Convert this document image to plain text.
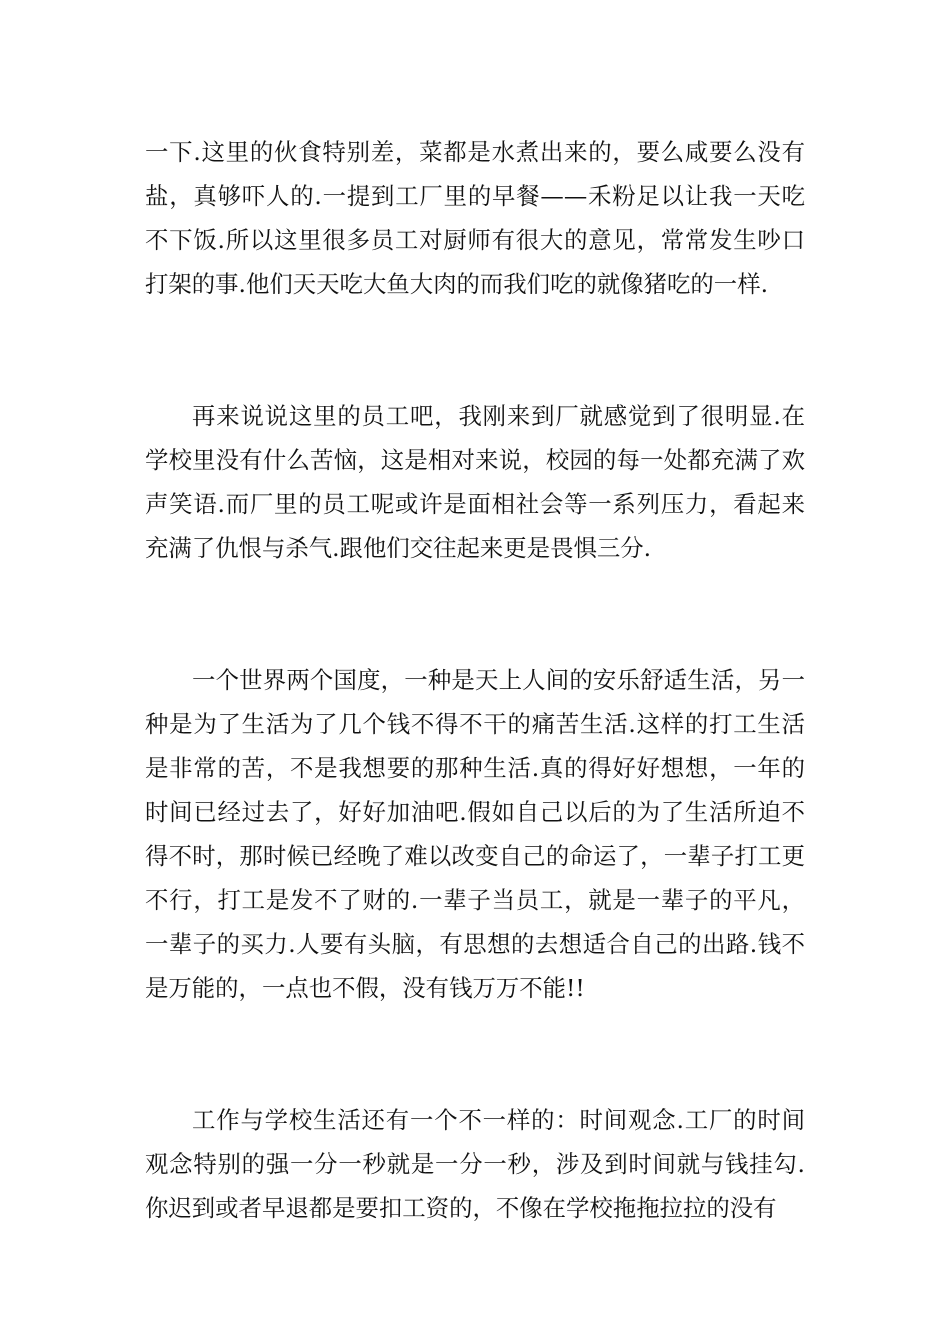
一下.这里的伙食特别差，菜都是水煮出来的，要么咸要么没有盐，真够吓人的.一提到工厂里的早餐——禾粉足以让我一天吃不下饭.所以这里很多员工对厨师有很大的意见，常常发生吵口打架的事.他们天天吃大鱼大肉的而我们吃的就像猪吃的一样.

再来说说这里的员工吧，我刚来到厂就感觉到了很明显.在学校里没有什么苦恼，这是相对来说，校园的每一处都充满了欢声笑语.而厂里的员工呢或许是面相社会等一系列压力，看起来充满了仇恨与杀气.跟他们交往起来更是畏惧三分.

一个世界两个国度，一种是天上人间的安乐舒适生活，另一种是为了生活为了几个钱不得不干的痛苦生活.这样的打工生活是非常的苦，不是我想要的那种生活.真的得好好想想，一年的时间已经过去了，好好加油吧.假如自己以后的为了生活所迫不得不时，那时候已经晚了难以改变自己的命运了，一辈子打工更不行，打工是发不了财的.一辈子当员工，就是一辈子的平凡，一辈子的买力.人要有头脑，有思想的去想适合自己的出路.钱不是万能的，一点也不假，没有钱万万不能!!

工作与学校生活还有一个不一样的：时间观念.工厂的时间观念特别的强一分一秒就是一分一秒，涉及到时间就与钱挂勾.你迟到或者早退都是要扣工资的，不像在学校拖拖拉拉的没有
